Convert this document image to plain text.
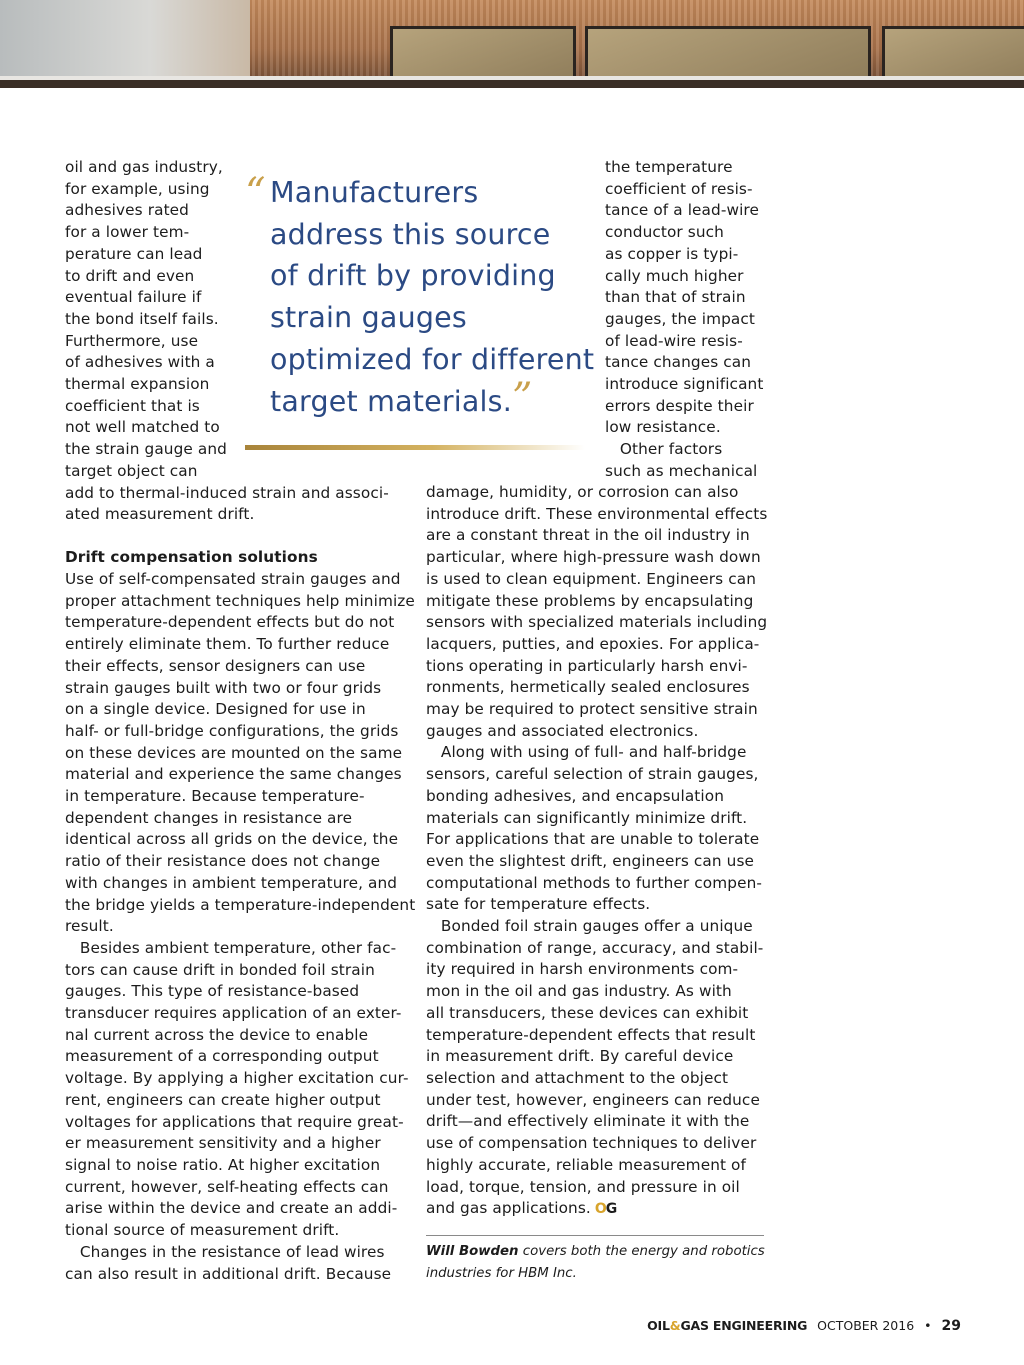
oil and gas industry,
for example, using
adhesives rated
for a lower tem-
perature can lead
to drift and even
eventual failure if
the bond itself fails.
Furthermore, use
of adhesives with a
thermal expansion
coefficient that is
not well matched to
the strain gauge and
target object can
add to thermal-induced strain and associ-
ated measurement drift.

Drift compensation solutions

Use of self-compensated strain gauges and
proper attachment techniques help minimize
temperature-dependent effects but do not
entirely eliminate them. To further reduce
their effects, sensor designers can use
strain gauges built with two or four grids
on a single device. Designed for use in
half- or full-bridge configurations, the grids
on these devices are mounted on the same
material and experience the same changes
in temperature. Because temperature-
dependent changes in resistance are
identical across all grids on the device, the
ratio of their resistance does not change
with changes in ambient temperature, and
the bridge yields a temperature-independent
result.
Besides ambient temperature, other fac-
tors can cause drift in bonded foil strain
gauges. This type of resistance-based
transducer requires application of an exter-
nal current across the device to enable
measurement of a corresponding output
voltage. By applying a higher excitation cur-
rent, engineers can create higher output
voltages for applications that require great-
er measurement sensitivity and a higher
signal to noise ratio. At higher excitation
current, however, self-heating effects can
arise within the device and create an addi-
tional source of measurement drift.
Changes in the resistance of lead wires
can also result in additional drift. Because

“ Manufacturers
address this source
of drift by providing
strain gauges
optimized for different
target materials.”

the temperature
coefficient of resis-
tance of a lead-wire
conductor such
as copper is typi-
cally much higher
than that of strain
gauges, the impact
of lead-wire resis-
tance changes can
introduce significant
errors despite their
low resistance.
Other factors
such as mechanical

damage, humidity, or corrosion can also
introduce drift. These environmental effects
are a constant threat in the oil industry in
particular, where high-pressure wash down
is used to clean equipment. Engineers can
mitigate these problems by encapsulating
sensors with specialized materials including
lacquers, putties, and epoxies. For applica-
tions operating in particularly harsh envi-
ronments, hermetically sealed enclosures
may be required to protect sensitive strain
gauges and associated electronics.
Along with using of full- and half-bridge
sensors, careful selection of strain gauges,
bonding adhesives, and encapsulation
materials can significantly minimize drift.
For applications that are unable to tolerate
even the slightest drift, engineers can use
computational methods to further compen-
sate for temperature effects.
Bonded foil strain gauges offer a unique
combination of range, accuracy, and stabil-
ity required in harsh environments com-
mon in the oil and gas industry. As with
all transducers, these devices can exhibit
temperature-dependent effects that result
in measurement drift. By careful device
selection and attachment to the object
under test, however, engineers can reduce
drift—and effectively eliminate it with the
use of compensation techniques to deliver
highly accurate, reliable measurement of
load, torque, tension, and pressure in oil
and gas applications. OG

Will Bowden covers both the energy and robotics
industries for HBM Inc.

OIL&GAS ENGINEERING OCTOBER 2016 • 29
